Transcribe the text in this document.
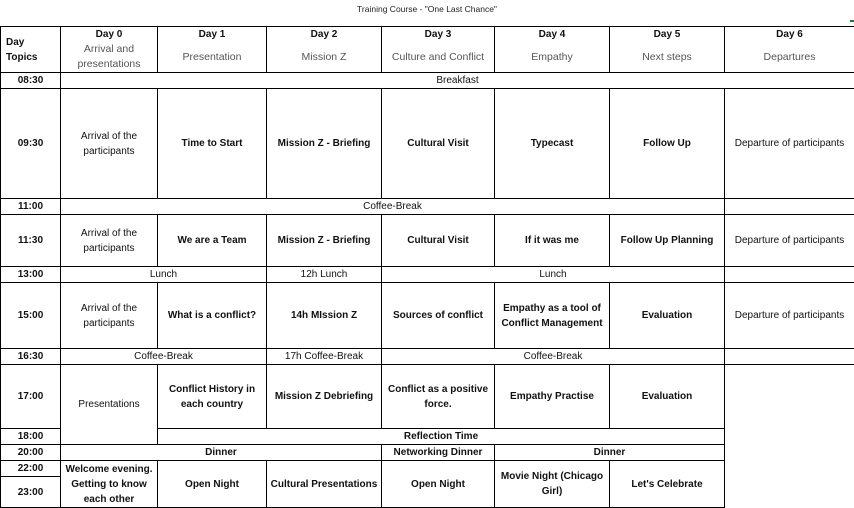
Training Course - "One Last Chance"
Day Topics	Day 0	Day 1	Day 2	Day 3	Day 4	Day 5	Day 6
	Arrival and presentations	Presentation	Mission Z	Culture and Conflict	Empathy	Next steps	Departures
08:30	Breakfast						
09:30	Arrival of the participants	Time to Start	Mission Z - Briefing	Cultural Visit	Typecast	Follow Up	Departure of participants
11:00	Coffee-Break						
11:30	Arrival of the participants	We are a Team	Mission Z - Briefing	Cultural Visit	If it was me	Follow Up Planning	Departure of participants
13:00	Lunch		12h Lunch	Lunch			
15:00	Arrival of the participants	What is a conflict?	14h MIssion Z	Sources of conflict	Empathy as a tool of Conflict Management	Evaluation	Departure of participants
16:30	Coffee-Break		17h Coffee-Break	Coffee-Break			
17:00	Presentations	Conflict History in each country	Mission Z Debriefing	Conflict as a positive force.	Empathy Practise	Evaluation	
18:00		Reflection Time					
20:00	Dinner			Networking Dinner	Dinner		
22:00	Welcome evening. Getting to know each other	Open Night	Cultural Presentations	Open Night	Movie Night (Chicago Girl)	Let's Celebrate	
23:00							
